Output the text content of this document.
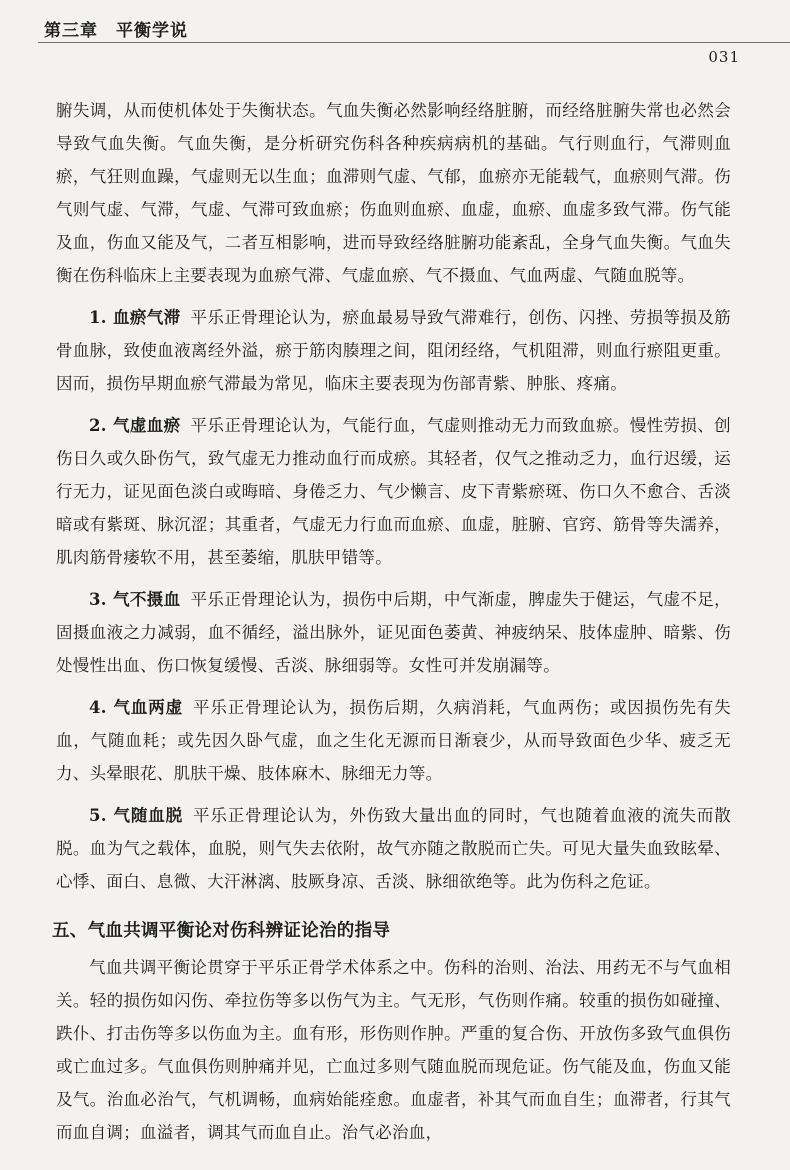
第三章　平衡学说
031

腑失调，从而使机体处于失衡状态。气血失衡必然影响经络脏腑，而经络脏腑失常也必然会导致气血失衡。气血失衡，是分析研究伤科各种疾病病机的基础。气行则血行，气滞则血瘀，气狂则血躁，气虚则无以生血；血滞则气虚、气郁，血瘀亦无能载气，血瘀则气滞。伤气则气虚、气滞，气虚、气滞可致血瘀；伤血则血瘀、血虚，血瘀、血虚多致气滞。伤气能及血，伤血又能及气，二者互相影响，进而导致经络脏腑功能紊乱，全身气血失衡。气血失衡在伤科临床上主要表现为血瘀气滞、气虚血瘀、气不摄血、气血两虚、气随血脱等。

1. 血瘀气滞 平乐正骨理论认为，瘀血最易导致气滞难行，创伤、闪挫、劳损等损及筋骨血脉，致使血液离经外溢，瘀于筋肉腠理之间，阻闭经络，气机阻滞，则血行瘀阻更重。因而，损伤早期血瘀气滞最为常见，临床主要表现为伤部青紫、肿胀、疼痛。

2. 气虚血瘀 平乐正骨理论认为，气能行血，气虚则推动无力而致血瘀。慢性劳损、创伤日久或久卧伤气，致气虚无力推动血行而成瘀。其轻者，仅气之推动乏力，血行迟缓，运行无力，证见面色淡白或晦暗、身倦乏力、气少懒言、皮下青紫瘀斑、伤口久不愈合、舌淡暗或有紫斑、脉沉涩；其重者，气虚无力行血而血瘀、血虚，脏腑、官窍、筋骨等失濡养，肌肉筋骨痿软不用，甚至萎缩，肌肤甲错等。

3. 气不摄血 平乐正骨理论认为，损伤中后期，中气渐虚，脾虚失于健运，气虚不足，固摄血液之力减弱，血不循经，溢出脉外，证见面色萎黄、神疲纳呆、肢体虚肿、暗紫、伤处慢性出血、伤口恢复缓慢、舌淡、脉细弱等。女性可并发崩漏等。

4. 气血两虚 平乐正骨理论认为，损伤后期，久病消耗，气血两伤；或因损伤先有失血，气随血耗；或先因久卧气虚，血之生化无源而日渐衰少，从而导致面色少华、疲乏无力、头晕眼花、肌肤干燥、肢体麻木、脉细无力等。

5. 气随血脱 平乐正骨理论认为，外伤致大量出血的同时，气也随着血液的流失而散脱。血为气之载体，血脱，则气失去依附，故气亦随之散脱而亡失。可见大量失血致眩晕、心悸、面白、息微、大汗淋漓、肢厥身凉、舌淡、脉细欲绝等。此为伤科之危证。

五、气血共调平衡论对伤科辨证论治的指导

气血共调平衡论贯穿于平乐正骨学术体系之中。伤科的治则、治法、用药无不与气血相关。轻的损伤如闪伤、牵拉伤等多以伤气为主。气无形，气伤则作痛。较重的损伤如碰撞、跌仆、打击伤等多以伤血为主。血有形，形伤则作肿。严重的复合伤、开放伤多致气血俱伤或亡血过多。气血俱伤则肿痛并见，亡血过多则气随血脱而现危证。伤气能及血，伤血又能及气。治血必治气，气机调畅，血病始能痊愈。血虚者，补其气而血自生；血滞者，行其气而血自调；血溢者，调其气而血自止。治气必治血，
